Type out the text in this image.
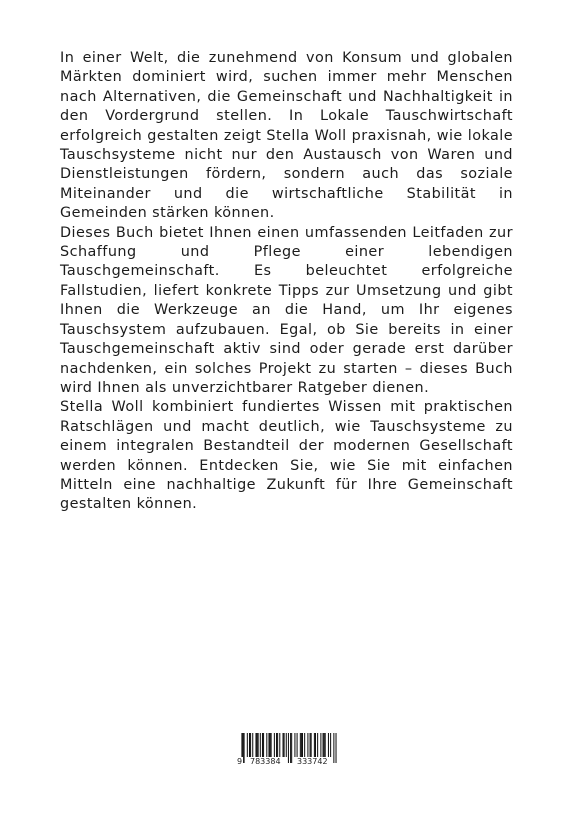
In einer Welt, die zunehmend von Konsum und globalen Märkten dominiert wird, suchen immer mehr Menschen nach Alternativen, die Gemeinschaft und Nachhaltigkeit in den Vordergrund stellen. In Lokale Tauschwirtschaft erfolgreich gestalten zeigt Stella Woll praxisnah, wie lokale Tauschsysteme nicht nur den Austausch von Waren und Dienstleistungen fördern, sondern auch das soziale Miteinander und die wirtschaftliche Stabilität in Gemeinden stärken können.

Dieses Buch bietet Ihnen einen umfassenden Leitfaden zur Schaffung und Pflege einer lebendigen Tauschgemeinschaft. Es beleuchtet erfolgreiche Fallstudien, liefert konkrete Tipps zur Umsetzung und gibt Ihnen die Werkzeuge an die Hand, um Ihr eigenes Tauschsystem aufzubauen. Egal, ob Sie bereits in einer Tauschgemeinschaft aktiv sind oder gerade erst darüber nachdenken, ein solches Projekt zu starten – dieses Buch wird Ihnen als unverzichtbarer Ratgeber dienen.

Stella Woll kombiniert fundiertes Wissen mit praktischen Ratschlägen und macht deutlich, wie Tauschsysteme zu einem integralen Bestandteil der modernen Gesellschaft werden können. Entdecken Sie, wie Sie mit einfachen Mitteln eine nachhaltige Zukunft für Ihre Gemeinschaft gestalten können.

9 783384 333742
